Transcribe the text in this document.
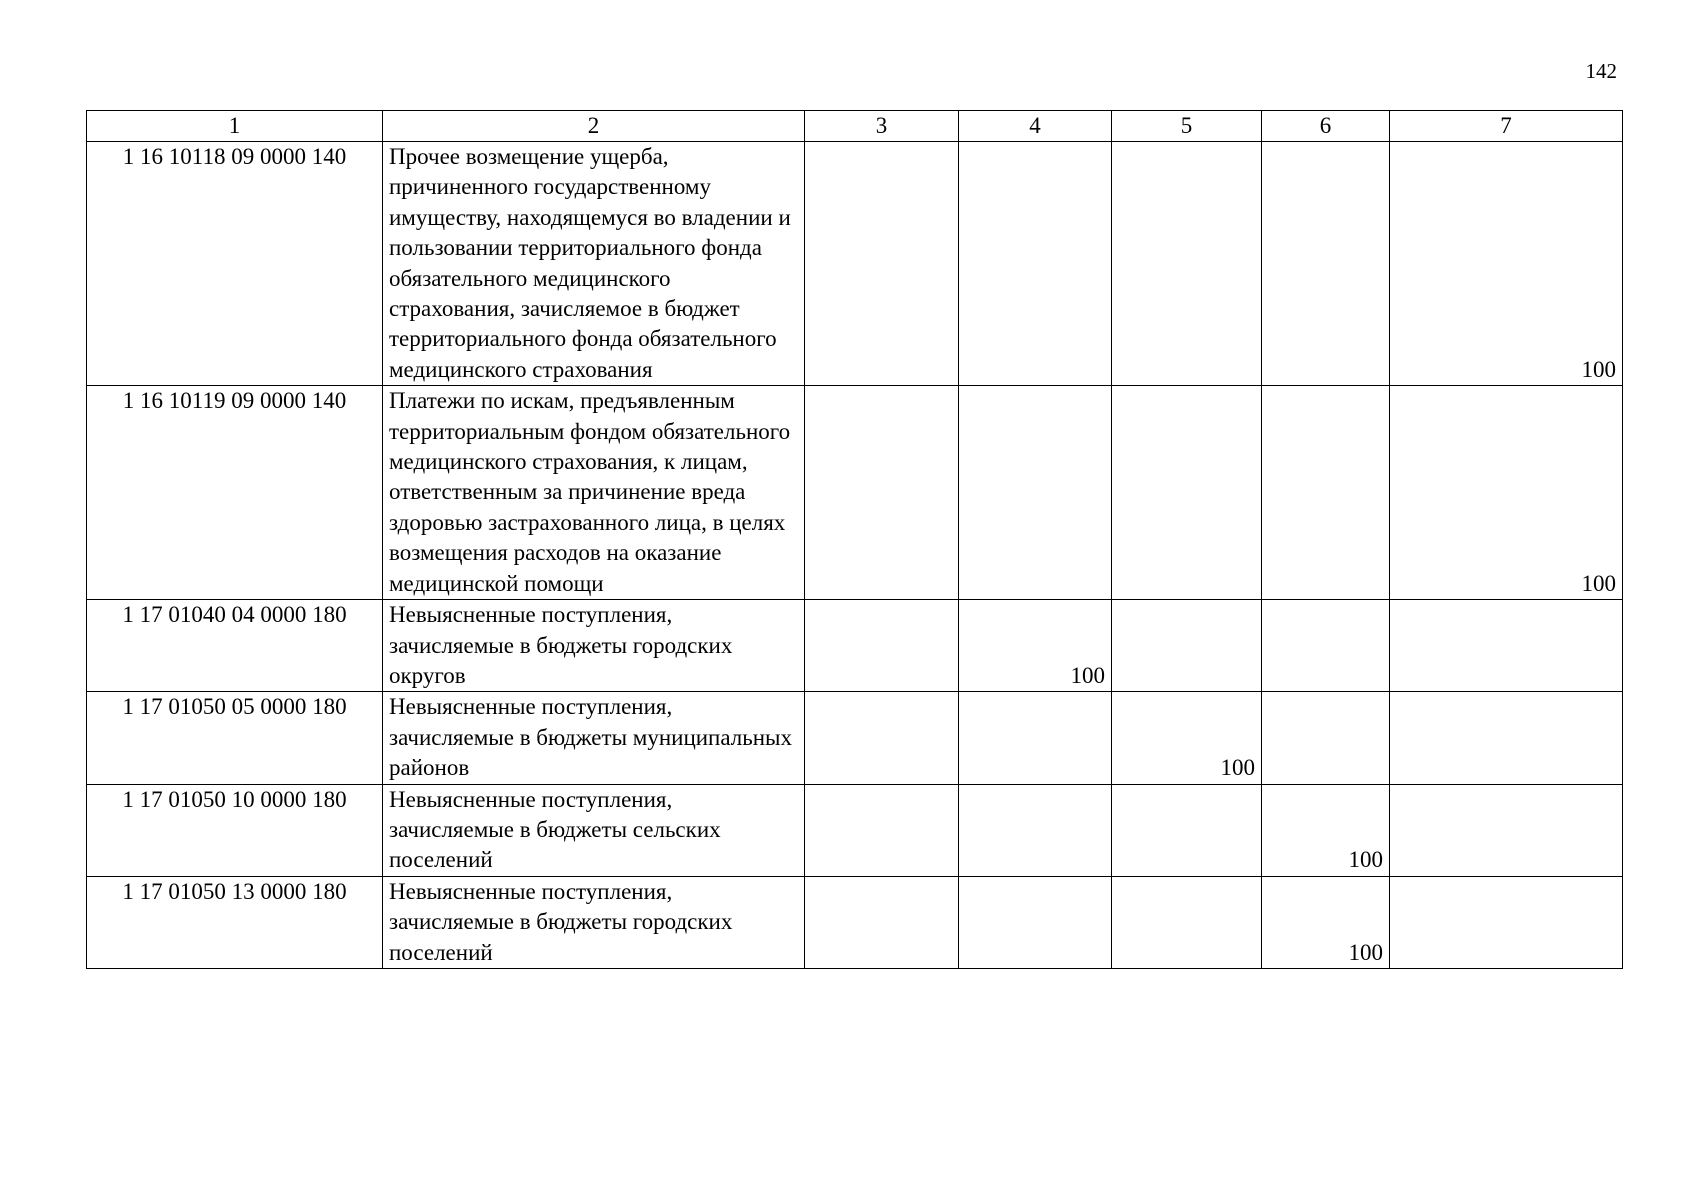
142
1	2	3	4	5	6	7
1 16 10118 09 0000 140	Прочее возмещение ущерба, причиненного государственному имуществу, находящемуся во владении и пользовании территориального фонда обязательного медицинского страхования, зачисляемое в бюджет территориального фонда обязательного медицинского страхования					100
1 16 10119 09 0000 140	Платежи по искам, предъявленным территориальным фондом обязательного медицинского страхования, к лицам, ответственным за причинение вреда здоровью застрахованного лица, в целях возмещения расходов на оказание медицинской помощи					100
1 17 01040 04 0000 180	Невыясненные поступления, зачисляемые в бюджеты городских округов		100			
1 17 01050 05 0000 180	Невыясненные поступления, зачисляемые в бюджеты муниципальных районов			100		
1 17 01050 10 0000 180	Невыясненные поступления, зачисляемые в бюджеты сельских поселений				100	
1 17 01050 13 0000 180	Невыясненные поступления, зачисляемые в бюджеты городских поселений				100	
